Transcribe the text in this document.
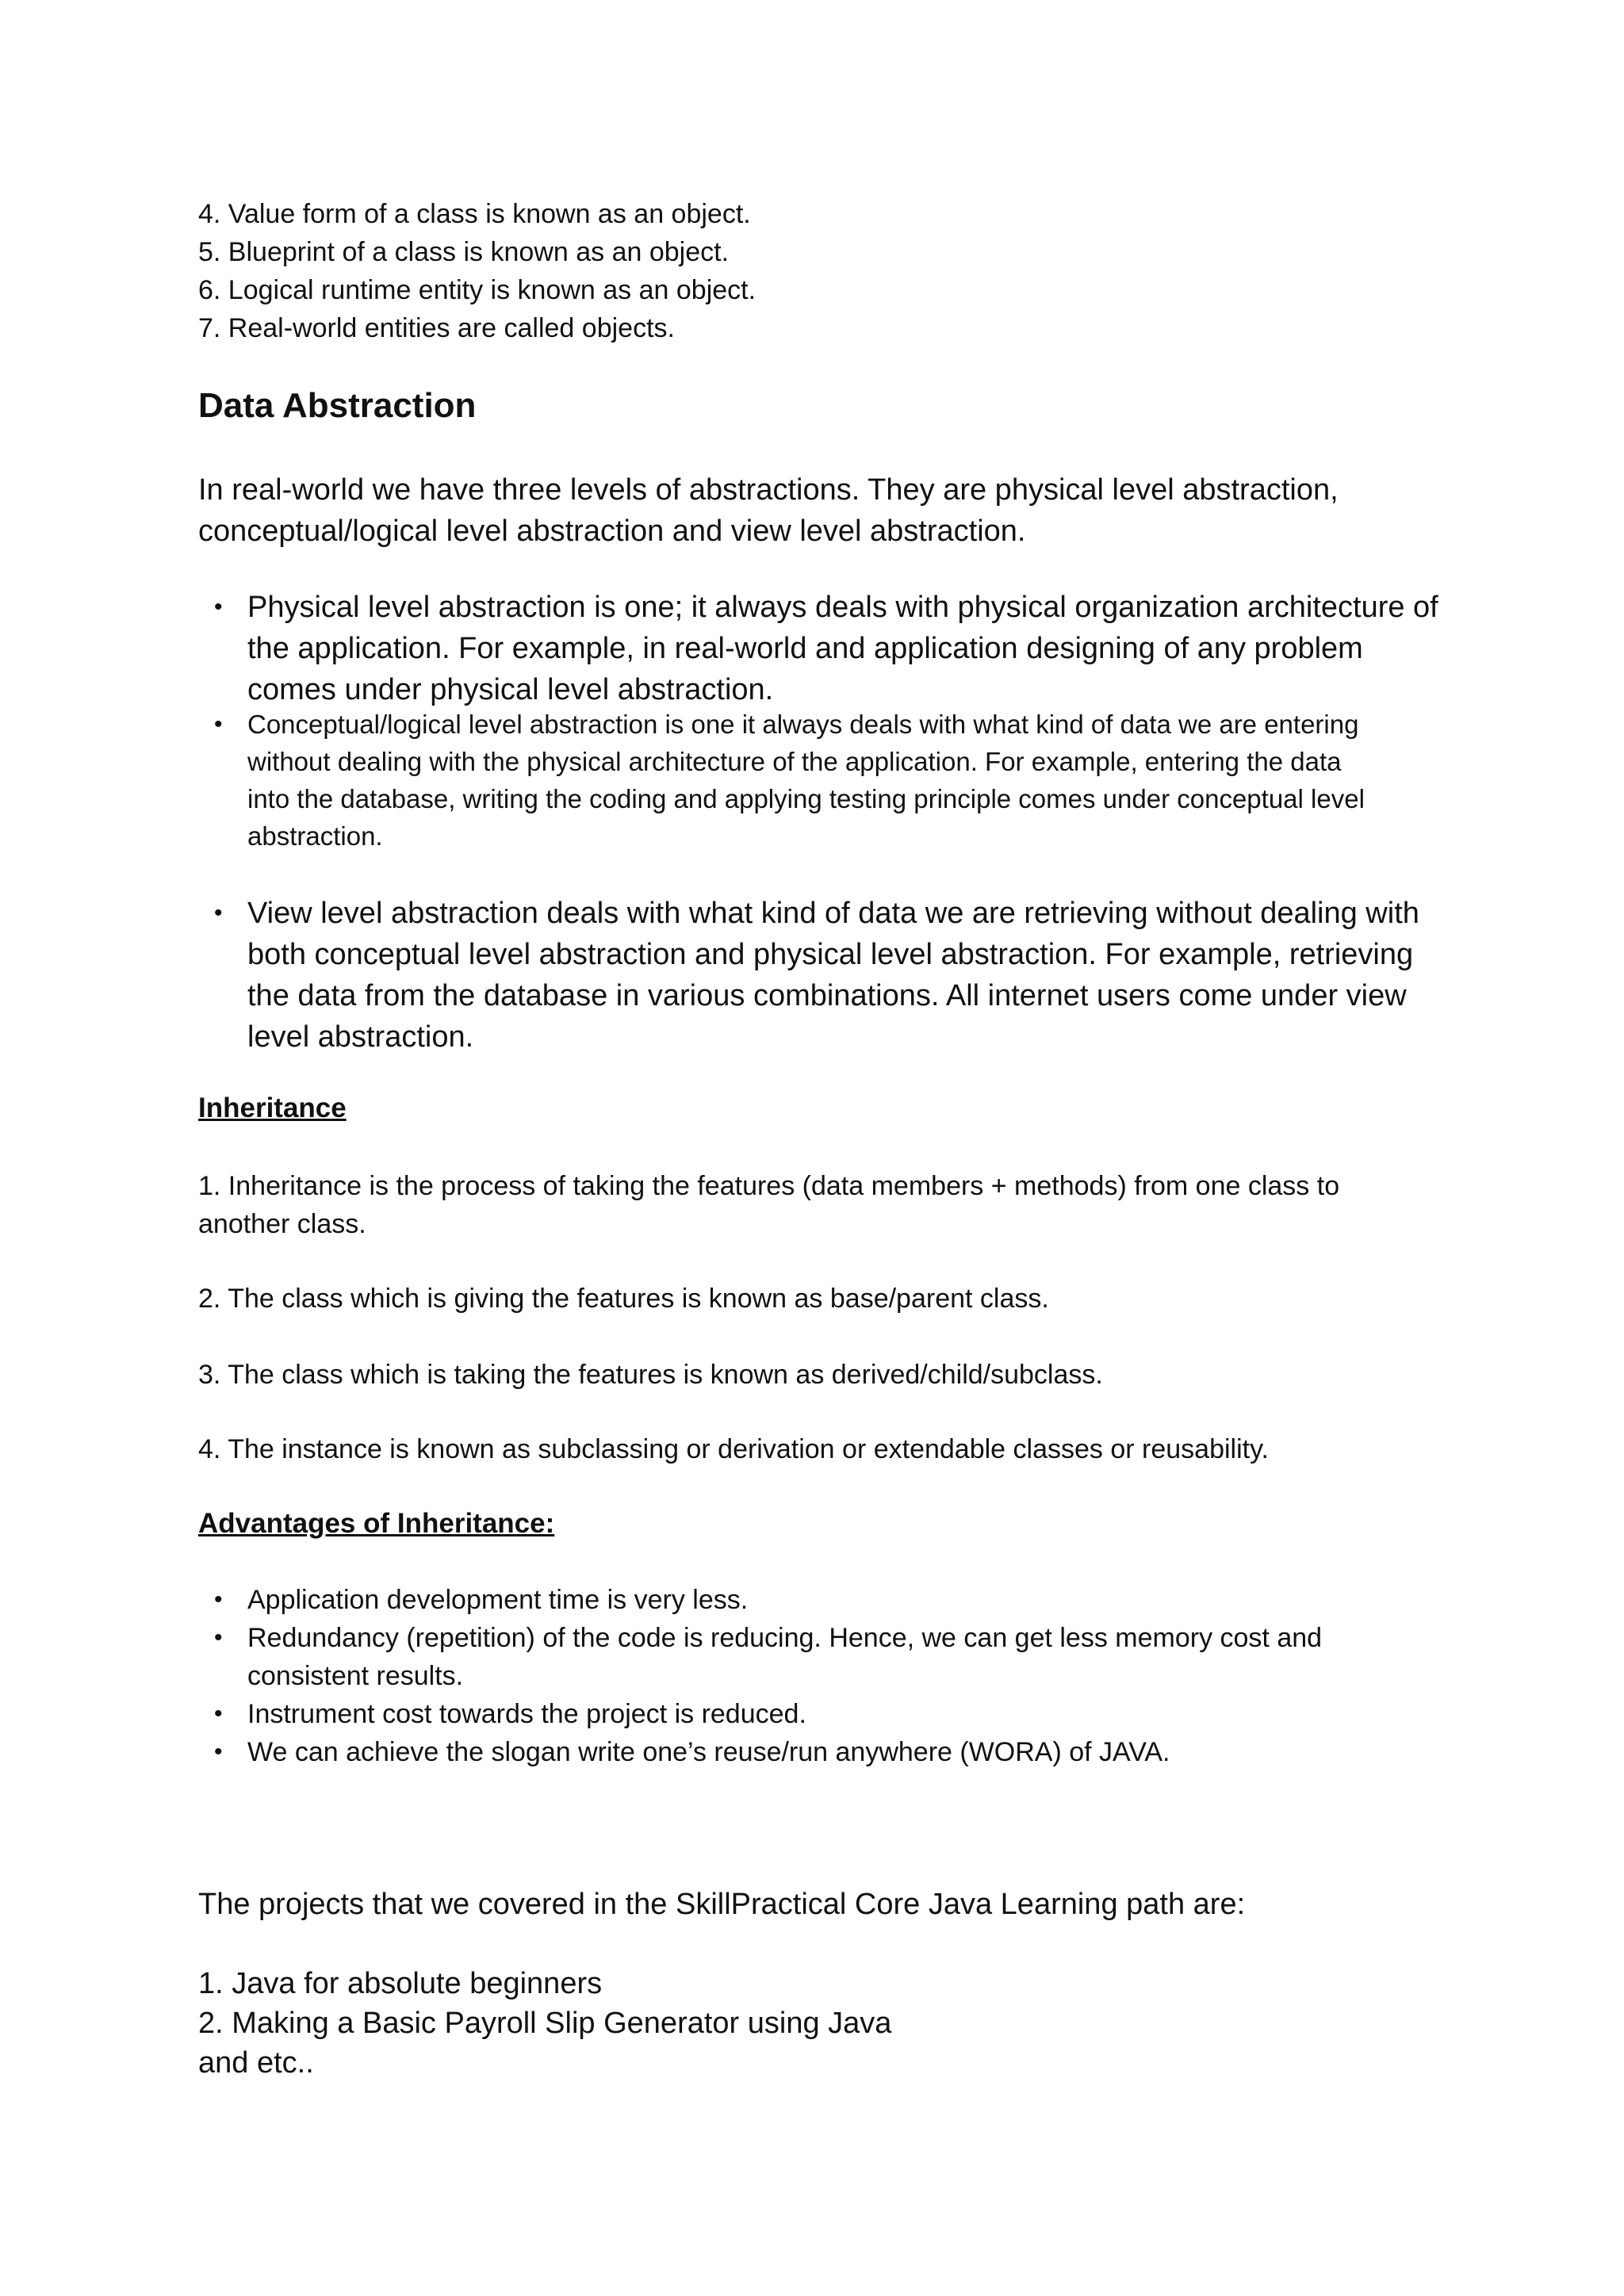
4. Value form of a class is known as an object.
5. Blueprint of a class is known as an object.
6. Logical runtime entity is known as an object.
7. Real-world entities are called objects.
Data Abstraction
In real-world we have three levels of abstractions. They are physical level abstraction, conceptual/logical level abstraction and view level abstraction.
• Physical level abstraction is one; it always deals with physical organization architecture of the application. For example, in real-world and application designing of any problem comes under physical level abstraction.
• Conceptual/logical level abstraction is one it always deals with what kind of data we are entering without dealing with the physical architecture of the application. For example, entering the data into the database, writing the coding and applying testing principle comes under conceptual level abstraction.
• View level abstraction deals with what kind of data we are retrieving without dealing with both conceptual level abstraction and physical level abstraction. For example, retrieving the data from the database in various combinations. All internet users come under view level abstraction.
Inheritance
1. Inheritance is the process of taking the features (data members + methods) from one class to another class.
2. The class which is giving the features is known as base/parent class.
3. The class which is taking the features is known as derived/child/subclass.
4. The instance is known as subclassing or derivation or extendable classes or reusability.
Advantages of Inheritance:
• Application development time is very less.
• Redundancy (repetition) of the code is reducing. Hence, we can get less memory cost and consistent results.
• Instrument cost towards the project is reduced.
• We can achieve the slogan write one’s reuse/run anywhere (WORA) of JAVA.
The projects that we covered in the SkillPractical Core Java Learning path are:
1. Java for absolute beginners
2. Making a Basic Payroll Slip Generator using Java
and etc..
